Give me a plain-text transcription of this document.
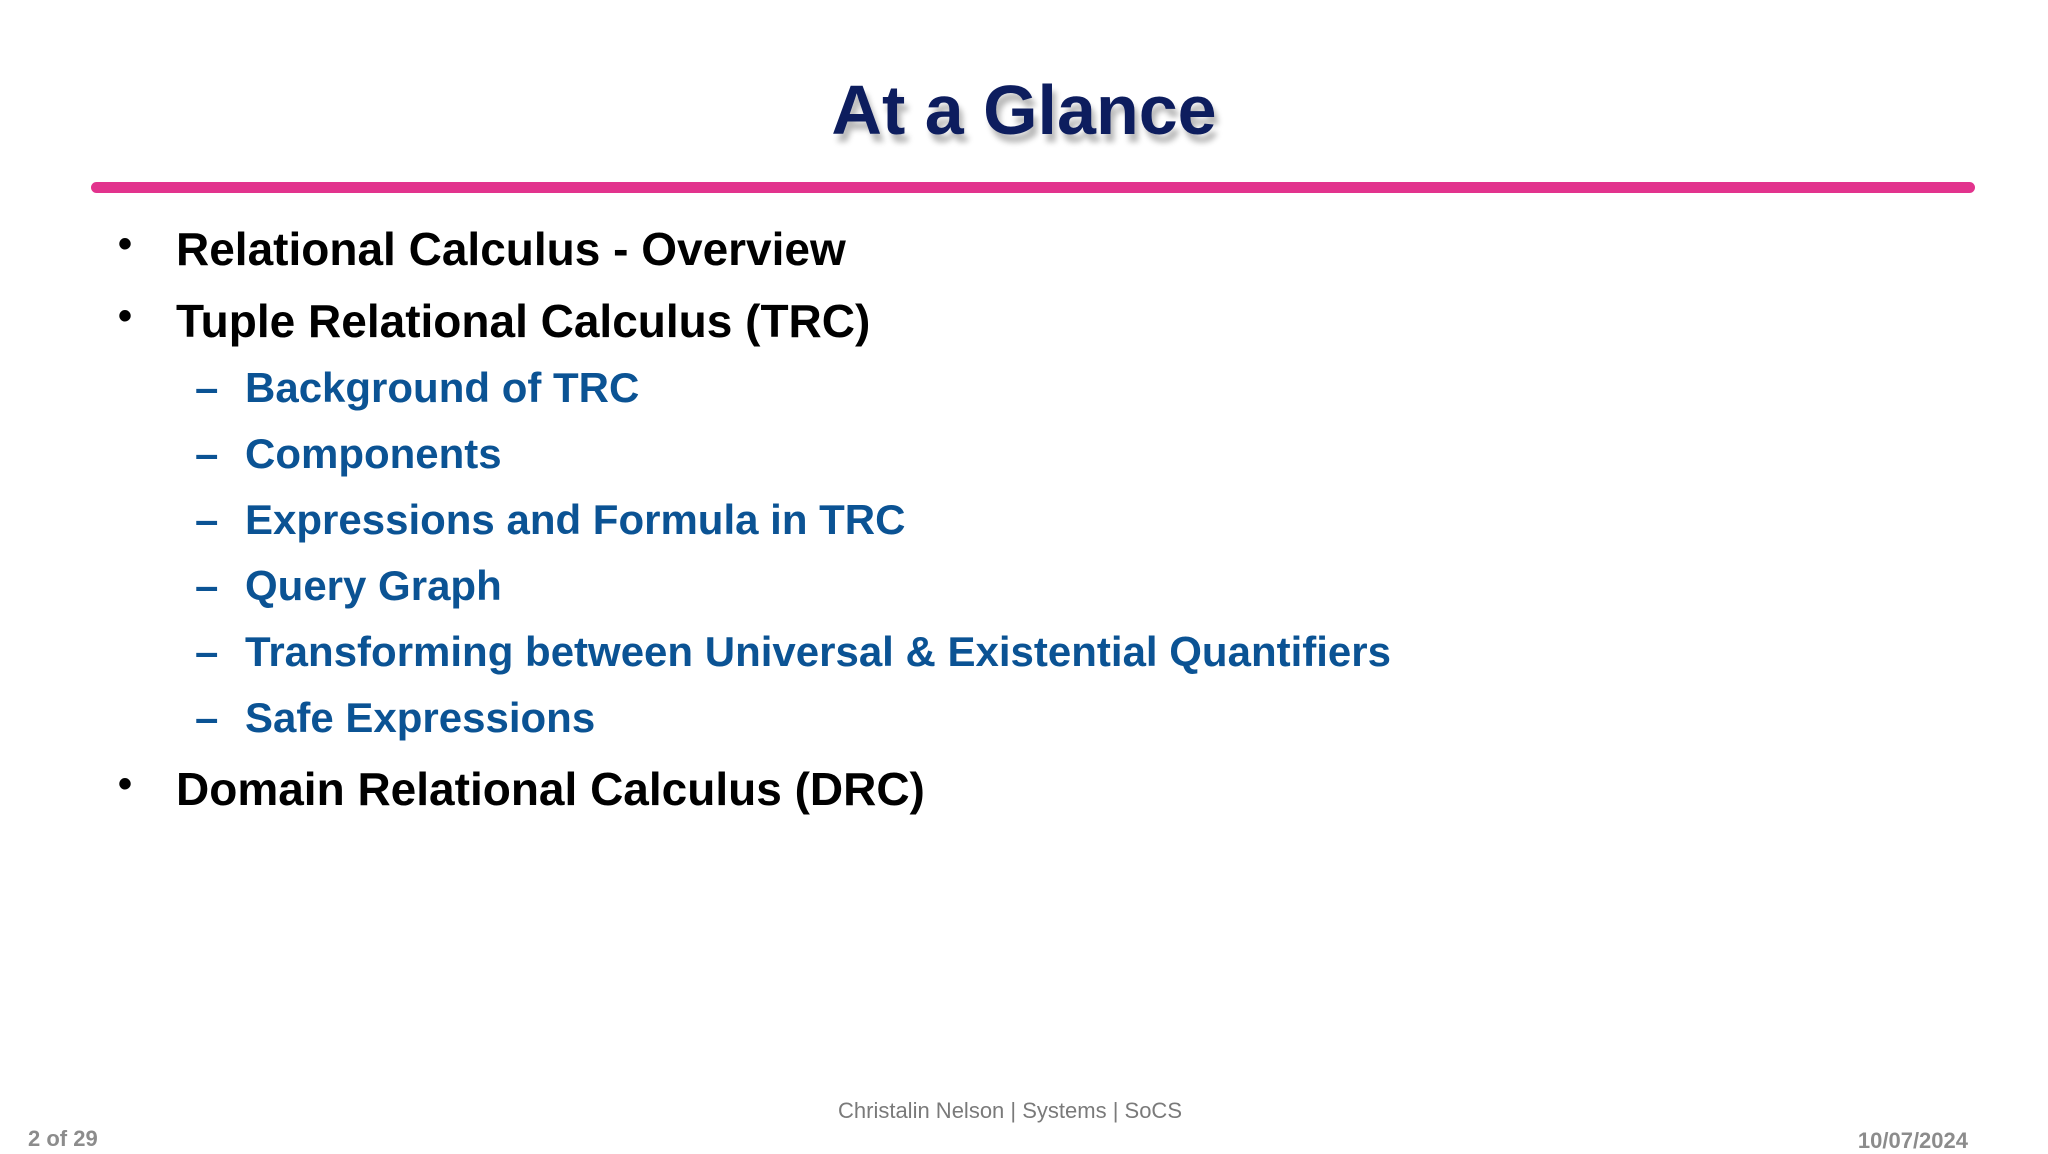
At a Glance
• Relational Calculus - Overview
• Tuple Relational Calculus (TRC)
– Background of TRC
– Components
– Expressions and Formula in TRC
– Query Graph
– Transforming between Universal & Existential Quantifiers
– Safe Expressions
• Domain Relational Calculus (DRC)
Christalin Nelson | Systems | SoCS
2 of 29	10/07/2024
